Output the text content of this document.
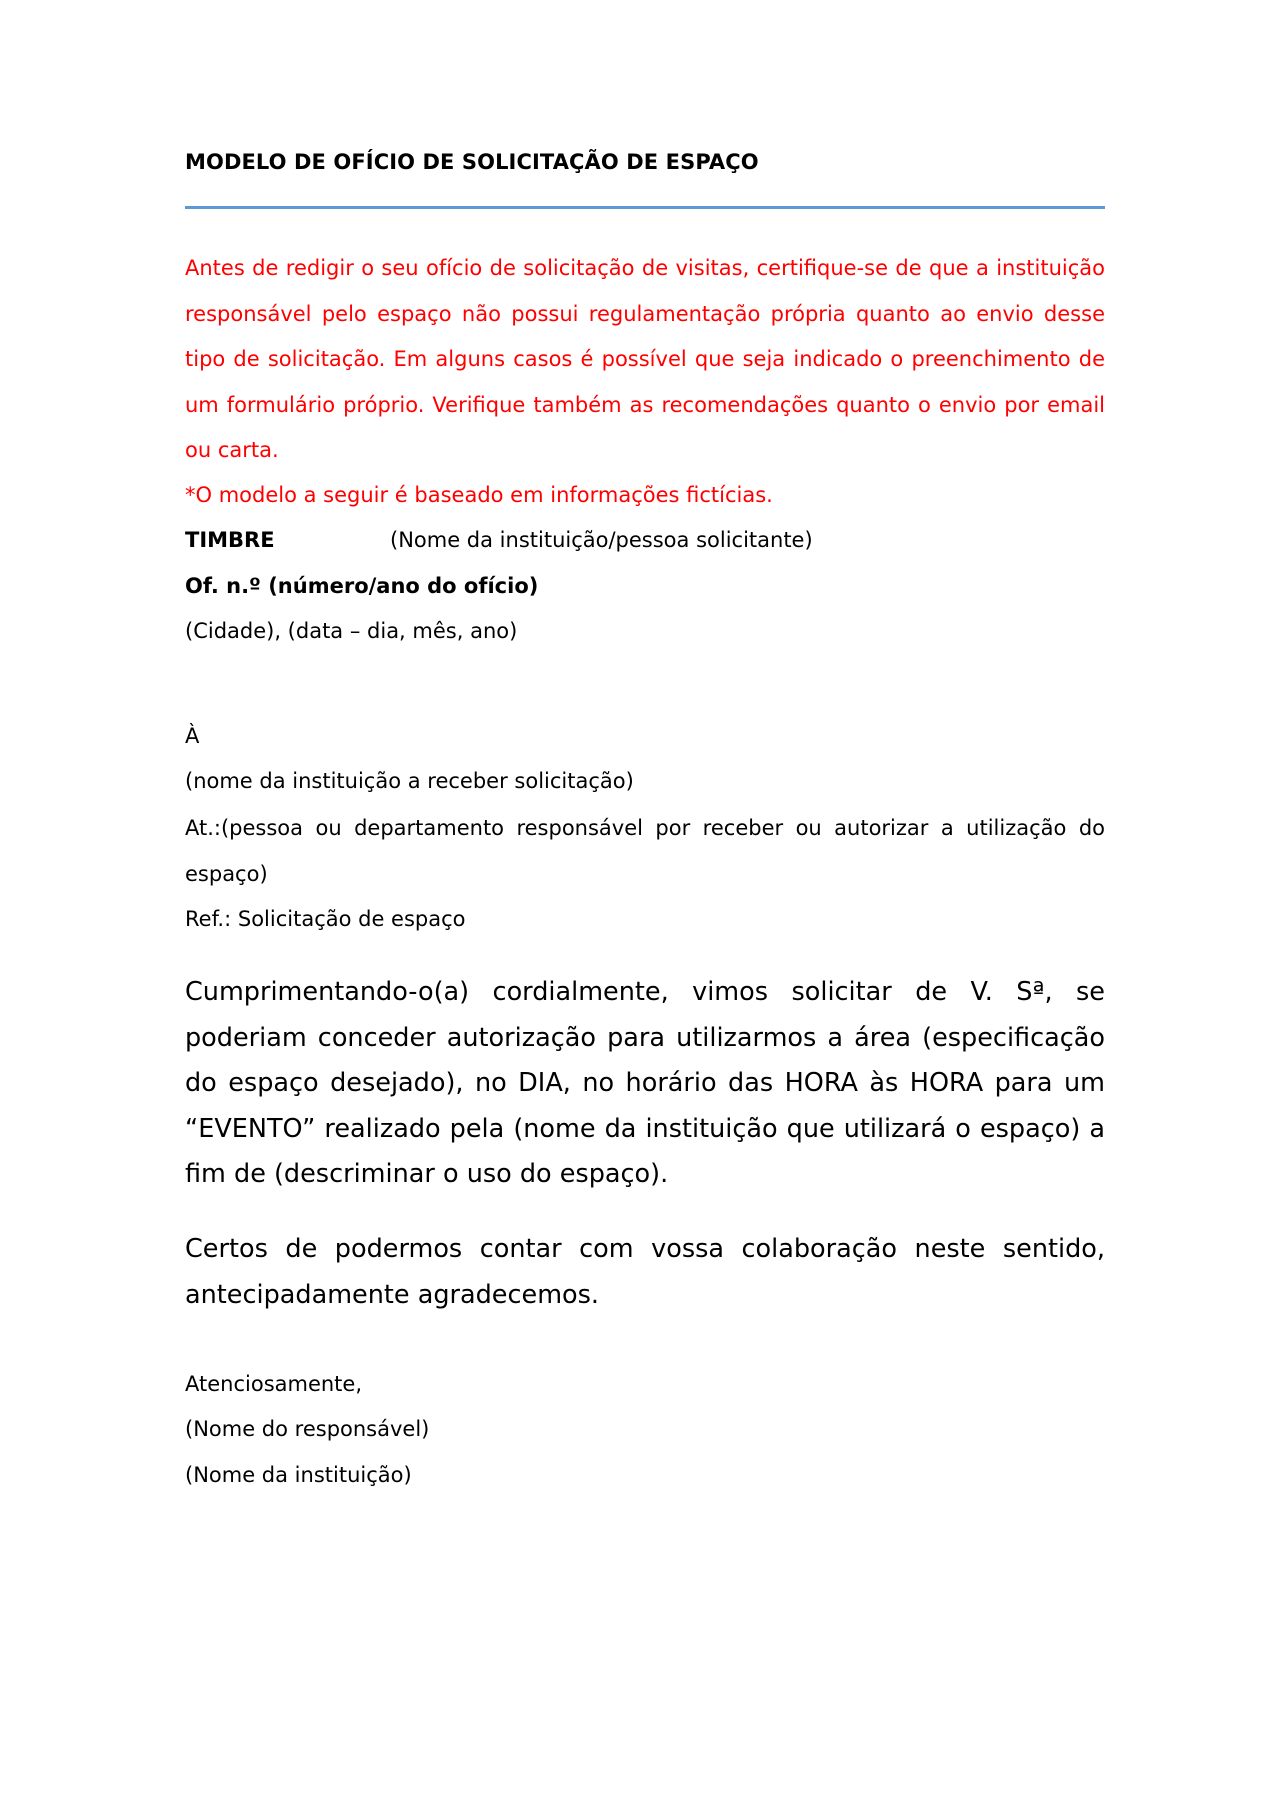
MODELO DE OFÍCIO DE SOLICITAÇÃO DE ESPAÇO

Antes de redigir o seu ofício de solicitação de visitas, certifique-se de que a instituição responsável pelo espaço não possui regulamentação própria quanto ao envio desse tipo de solicitação. Em alguns casos é possível que seja indicado o preenchimento de um formulário próprio. Verifique também as recomendações quanto o envio por email ou carta.

*O modelo a seguir é baseado em informações fictícias.
TIMBRE	(Nome da instituição/pessoa solicitante)
Of. n.º (número/ano do ofício)
(Cidade), (data – dia, mês, ano)
À
(nome da instituição a receber solicitação)

At.:(pessoa ou departamento responsável por receber ou autorizar a utilização do espaço)

Ref.: Solicitação de espaço

Cumprimentando-o(a) cordialmente, vimos solicitar de V. Sª, se poderiam conceder autorização para utilizarmos a área (especificação do espaço desejado), no DIA, no horário das HORA às HORA para um “EVENTO” realizado pela (nome da instituição que utilizará o espaço) a fim de (descriminar o uso do espaço).

Certos de podermos contar com vossa colaboração neste sentido, antecipadamente agradecemos.

Atenciosamente,
(Nome do responsável)
(Nome da instituição)
